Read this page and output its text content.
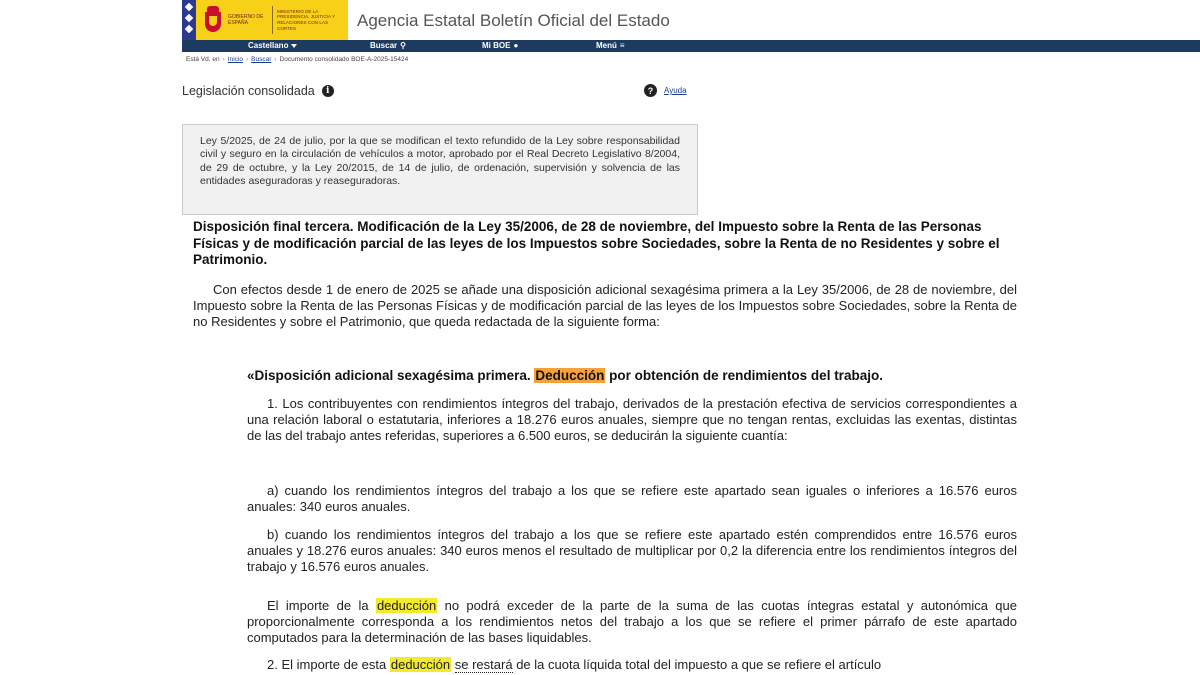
GOBIERNO DE ESPAÑA
MINISTERIO DE LA PRESIDENCIA, JUSTICIA Y RELACIONES CON LAS CORTES	Agencia Estatal Boletín Oficial del Estado
Castellano	Buscar ⚲	Mi BOE ●	Menú ≡
Está Vd. en › Inicio › Buscar › Documento consolidado BOE-A-2025-15424
Legislación consolidada	i	?	Ayuda
Ley 5/2025, de 24 de julio, por la que se modifican el texto refundido de la Ley sobre responsabilidad civil y seguro en la circulación de vehículos a motor, aprobado por el Real Decreto Legislativo 8/2004, de 29 de octubre, y la Ley 20/2015, de 14 de julio, de ordenación, supervisión y solvencia de las entidades aseguradoras y reaseguradoras.
Disposición final tercera. Modificación de la Ley 35/2006, de 28 de noviembre, del Impuesto sobre la Renta de las Personas Físicas y de modificación parcial de las leyes de los Impuestos sobre Sociedades, sobre la Renta de no Residentes y sobre el Patrimonio.
Con efectos desde 1 de enero de 2025 se añade una disposición adicional sexagésima primera a la Ley 35/2006, de 28 de noviembre, del Impuesto sobre la Renta de las Personas Físicas y de modificación parcial de las leyes de los Impuestos sobre Sociedades, sobre la Renta de no Residentes y sobre el Patrimonio, que queda redactada de la siguiente forma:
«Disposición adicional sexagésima primera. Deducción por obtención de rendimientos del trabajo.
1. Los contribuyentes con rendimientos íntegros del trabajo, derivados de la prestación efectiva de servicios correspondientes a una relación laboral o estatutaria, inferiores a 18.276 euros anuales, siempre que no tengan rentas, excluidas las exentas, distintas de las del trabajo antes referidas, superiores a 6.500 euros, se deducirán la siguiente cuantía:
a) cuando los rendimientos íntegros del trabajo a los que se refiere este apartado sean iguales o inferiores a 16.576 euros anuales: 340 euros anuales.
b) cuando los rendimientos íntegros del trabajo a los que se refiere este apartado estén comprendidos entre 16.576 euros anuales y 18.276 euros anuales: 340 euros menos el resultado de multiplicar por 0,2 la diferencia entre los rendimientos íntegros del trabajo y 16.576 euros anuales.
El importe de la deducción no podrá exceder de la parte de la suma de las cuotas íntegras estatal y autonómica que proporcionalmente corresponda a los rendimientos netos del trabajo a los que se refiere el primer párrafo de este apartado computados para la determinación de las bases liquidables.
2. El importe de esta deducción se restará de la cuota líquida total del impuesto a que se refiere el artículo
